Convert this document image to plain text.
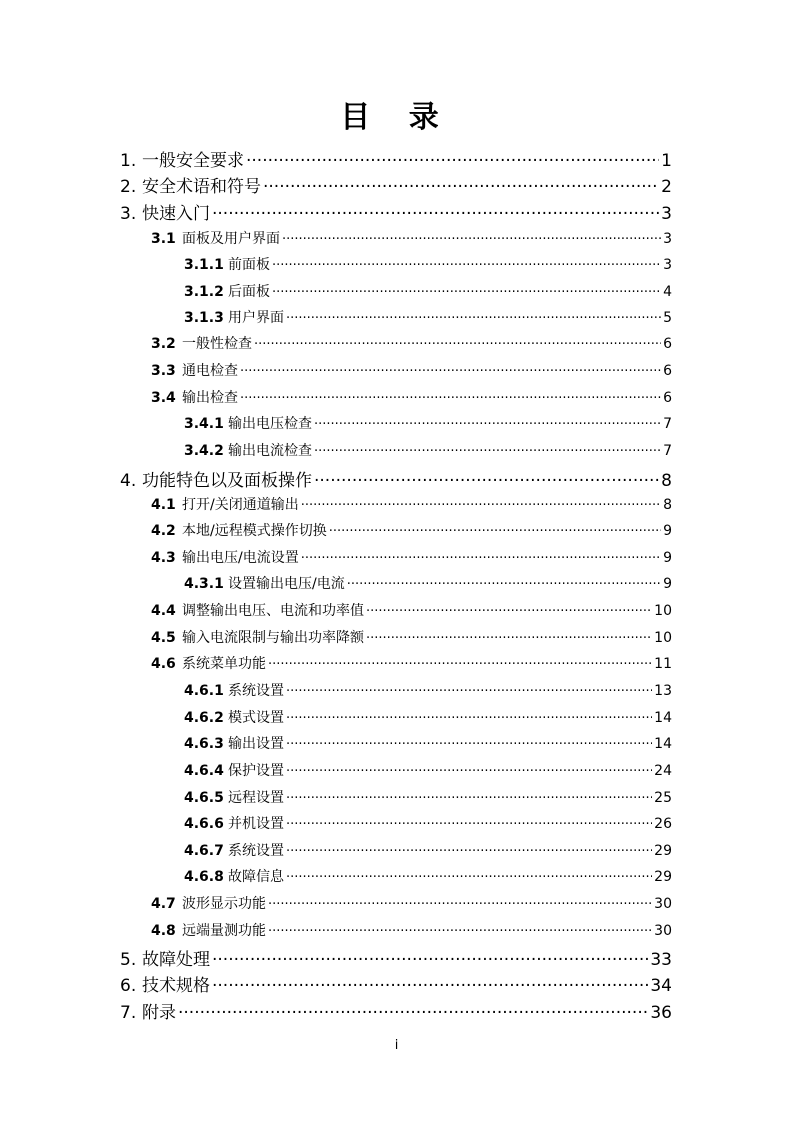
目 录
1. 一般安全要求 .....	1
2. 安全术语和符号 .....	2
3. 快速入门 .....	3
3.1 面板及用户界面 .....	3
3.1.1 前面板 .....	3
3.1.2 后面板 .....	4
3.1.3 用户界面 .....	5
3.2 一般性检查 .....	6
3.3 通电检查 .....	6
3.4 输出检查 .....	6
3.4.1 输出电压检查 .....	7
3.4.2 输出电流检查 .....	7
4. 功能特色以及面板操作 .....	8
4.1 打开/关闭通道输出 .....	8
4.2 本地/远程模式操作切换 .....	9
4.3 输出电压/电流设置 .....	9
4.3.1 设置输出电压/电流 .....	9
4.4 调整输出电压、电流和功率值 .....	10
4.5 输入电流限制与输出功率降额 .....	10
4.6 系统菜单功能 .....	11
4.6.1 系统设置 .....	13
4.6.2 模式设置 .....	14
4.6.3 输出设置 .....	14
4.6.4 保护设置 .....	24
4.6.5 远程设置 .....	25
4.6.6 并机设置 .....	26
4.6.7 系统设置 .....	29
4.6.8 故障信息 .....	29
4.7 波形显示功能 .....	30
4.8 远端量测功能 .....	30
5. 故障处理 .....	33
6. 技术规格 .....	34
7. 附录 .....	36
i
